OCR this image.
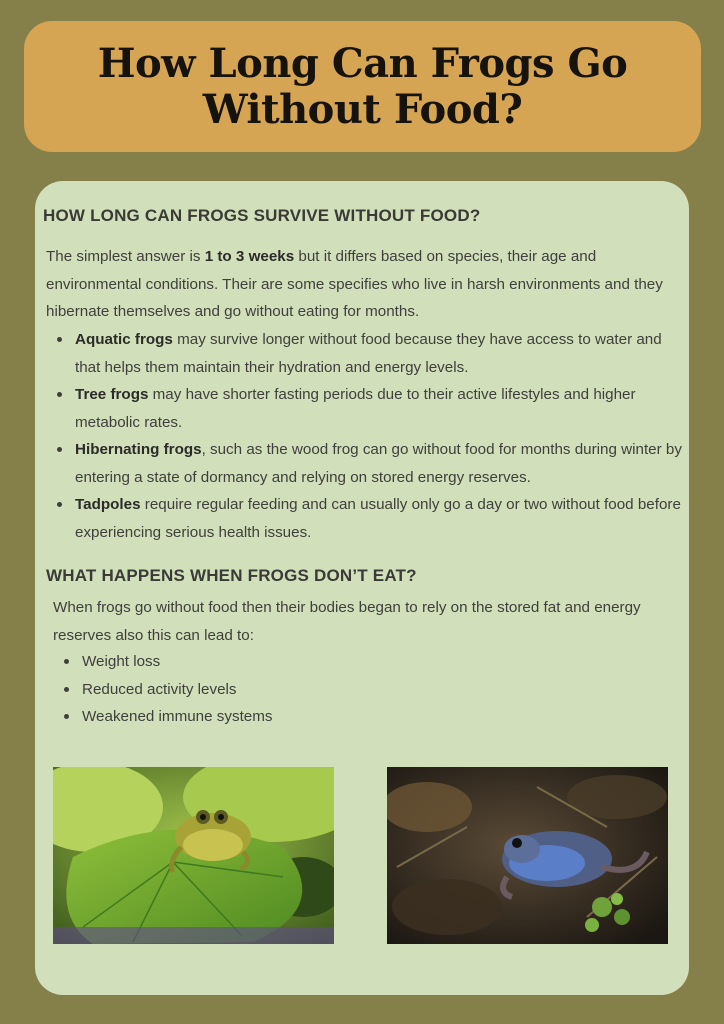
How Long Can Frogs Go Without Food?
HOW LONG CAN FROGS SURVIVE WITHOUT FOOD?

The simplest answer is 1 to 3 weeks but it differs based on species, their age and environmental conditions. Their are some specifies who live in harsh environments and they hibernate themselves and go without eating for months.

Aquatic frogs may survive longer without food because they have access to water and that helps them maintain their hydration and energy levels.
Tree frogs may have shorter fasting periods due to their active lifestyles and higher metabolic rates.
Hibernating frogs, such as the wood frog can go without food for months during winter by entering a state of dormancy and relying on stored energy reserves.
Tadpoles require regular feeding and can usually only go a day or two without food before experiencing serious health issues.
WHAT HAPPENS WHEN FROGS DON’T EAT?

When frogs go without food then their bodies began to rely on the stored fat and energy reserves also this can lead to:

Weight loss
Reduced activity levels
Weakened immune systems
